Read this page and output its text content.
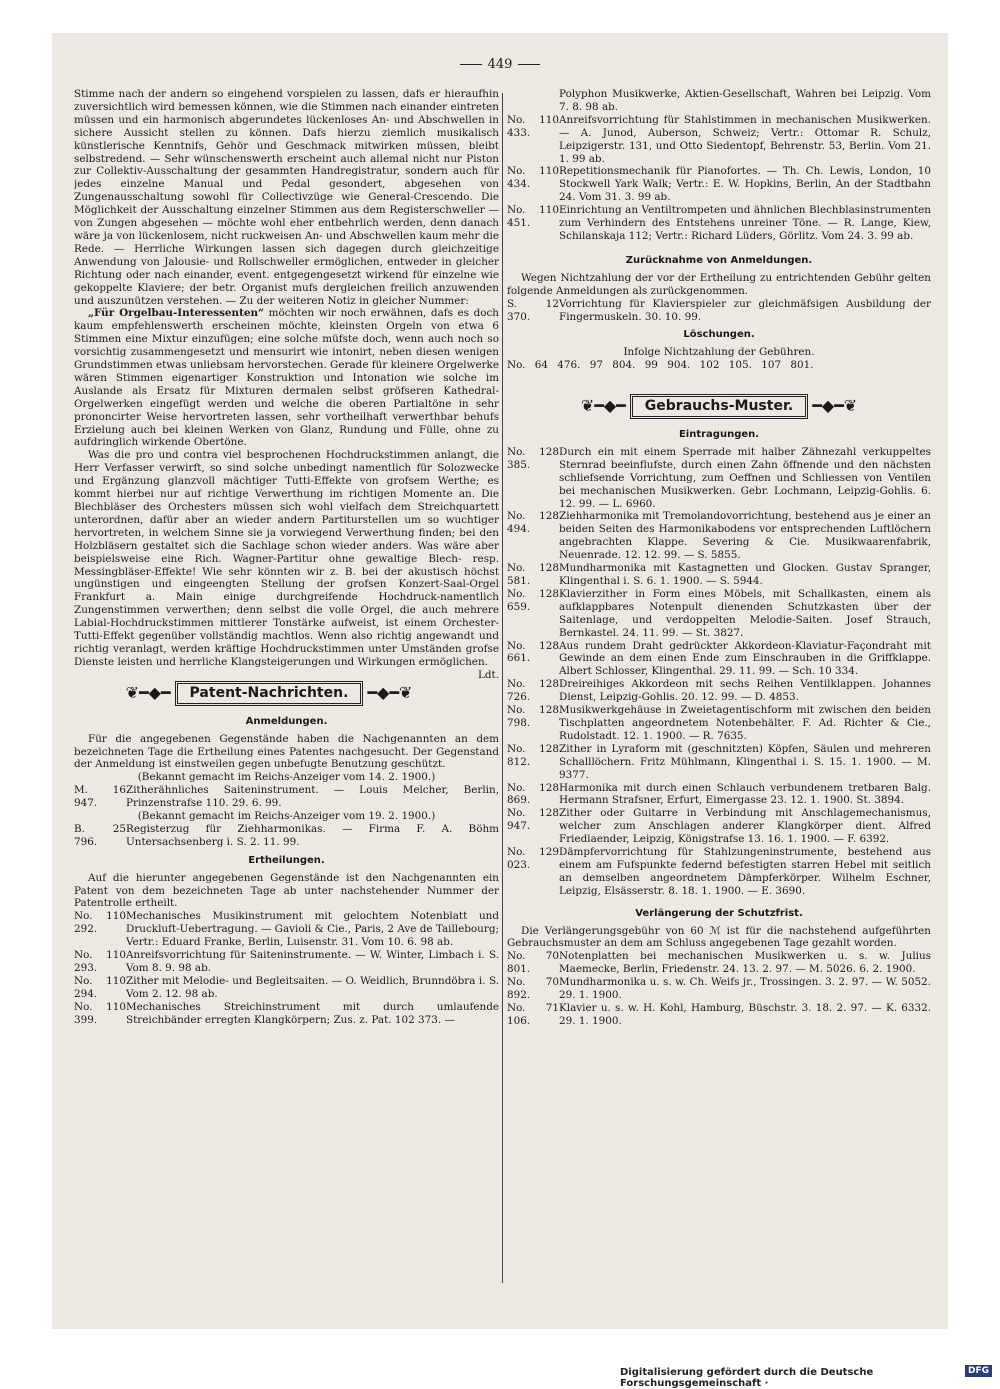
449

Stimme nach der andern so eingehend vorspielen zu lassen, dafs er hieraufhin zuversichtlich wird bemessen können, wie die Stimmen nach einander eintreten müssen und ein harmonisch abgerundetes lückenloses An- und Abschwellen in sichere Aussicht stellen zu können. Dafs hierzu ziemlich musikalisch künstlerische Kenntnifs, Gehör und Geschmack mitwirken müssen, bleibt selbstredend. — Sehr wünschenswerth erscheint auch allemal nicht nur Piston zur Collektiv-Ausschaltung der gesammten Handregistratur, sondern auch für jedes einzelne Manual und Pedal gesondert, abgesehen von Zungenausschaltung sowohl für Collectivzüge wie General-Crescendo. Die Möglichkeit der Ausschaltung einzelner Stimmen aus dem Registerschweller — von Zungen abgesehen — möchte wohl eher entbehrlich werden, denn danach wäre ja von lückenlosem, nicht ruckweisen An- und Abschwellen kaum mehr die Rede. — Herrliche Wirkungen lassen sich dagegen durch gleichzeitige Anwendung von Jalousie- und Rollschweller ermöglichen, entweder in gleicher Richtung oder nach einander, event. entgegengesetzt wirkend für einzelne wie gekoppelte Klaviere; der betr. Organist mufs dergleichen freilich anzuwenden und auszunützen verstehen. — Zu der weiteren Notiz in gleicher Nummer:

„Für Orgelbau-Interessenten“ möchten wir noch erwähnen, dafs es doch kaum empfehlenswerth erscheinen möchte, kleinsten Orgeln von etwa 6 Stimmen eine Mixtur einzufügen; eine solche müfste doch, wenn auch noch so vorsichtig zusammengesetzt und mensurirt wie intonirt, neben diesen wenigen Grundstimmen etwas unliebsam hervorstechen. Gerade für kleinere Orgelwerke wären Stimmen eigenartiger Konstruktion und Intonation wie solche im Auslande als Ersatz für Mixturen dermalen selbst gröfseren Kathedral-Orgelwerken eingefügt werden und welche die oberen Partialtöne in sehr prononcirter Weise hervortreten lassen, sehr vortheilhaft verwerthbar behufs Erzielung auch bei kleinen Werken von Glanz, Rundung und Fülle, ohne zu aufdringlich wirkende Obertöne.

Was die pro und contra viel besprochenen Hochdruckstimmen anlangt, die Herr Verfasser verwirft, so sind solche unbedingt namentlich für Solozwecke und Ergänzung glanzvoll mächtiger Tutti-Effekte von grofsem Werthe; es kommt hierbei nur auf richtige Verwerthung im richtigen Momente an. Die Blechbläser des Orchesters müssen sich wohl vielfach dem Streichquartett unterordnen, dafür aber an wieder andern Partiturstellen um so wuchtiger hervortreten, in welchem Sinne sie ja vorwiegend Verwerthung finden; bei den Holzbläsern gestaltet sich die Sachlage schon wieder anders. Was wäre aber beispielsweise eine Rich. Wagner-Partitur ohne gewaltige Blech- resp. Messingbläser-Effekte! Wie sehr könnten wir z. B. bei der akustisch höchst ungünstigen und eingeengten Stellung der grofsen Konzert-Saal-Orgel Frankfurt a. Main einige durchgreifende Hochdruck-namentlich Zungenstimmen verwerthen; denn selbst die volle Orgel, die auch mehrere Labial-Hochdruckstimmen mittlerer Tonstärke aufweist, ist einem Orchester-Tutti-Effekt gegenüber vollständig machtlos. Wenn also richtig angewandt und richtig veranlagt, werden kräftige Hochdruckstimmen unter Umständen grofse Dienste leisten und herrliche Klangsteigerungen und Wirkungen ermöglichen.
Ldt.

❦━◆━	Patent-Nachrichten.	━◆━❦
Anmeldungen.

Für die angegebenen Gegenstände haben die Nachgenannten an dem bezeichneten Tage die Ertheilung eines Patentes nachgesucht. Der Gegenstand der Anmeldung ist einstweilen gegen unbefugte Benutzung geschützt.

(Bekannt gemacht im Reichs-Anzeiger vom 14. 2. 1900.)
M. 16 947.
Zitherähnliches Saiteninstrument. — Louis Melcher, Berlin, Prinzenstrafse 110. 29. 6. 99.
(Bekannt gemacht im Reichs-Anzeiger vom 19. 2. 1900.)
B. 25 796.
Registerzug für Ziehharmonikas. — Firma F. A. Böhm Untersachsenberg i. S. 2. 11. 99.
Ertheilungen.

Auf die hierunter angegebenen Gegenstände ist den Nachgenannten ein Patent von dem bezeichneten Tage ab unter nachstehender Nummer der Patentrolle ertheilt.

No. 110 292.
Mechanisches Musikinstrument mit gelochtem Notenblatt und Druckluft-Uebertragung. — Gavioli & Cie., Paris, 2 Ave de Taillebourg; Vertr.: Eduard Franke, Berlin, Luisenstr. 31. Vom 10. 6. 98 ab.
No. 110 293.
Anreifsvorrichtung für Saiteninstrumente. — W. Winter, Limbach i. S. Vom 8. 9. 98 ab.
No. 110 294.
Zither mit Melodie- und Begleitsaiten. — O. Weidlich, Brunndöbra i. S. Vom 2. 12. 98 ab.
No. 110 399.
Mechanisches Streichinstrument mit durch umlaufende Streichbänder erregten Klangkörpern; Zus. z. Pat. 102 373. —

Polyphon Musikwerke, Aktien-Gesellschaft, Wahren bei Leipzig. Vom 7. 8. 98 ab.

No. 110 433.
Anreifsvorrichtung für Stahlstimmen in mechanischen Musikwerken. — A. Junod, Auberson, Schweiz; Vertr.: Ottomar R. Schulz, Leipzigerstr. 131, und Otto Siedentopf, Behrenstr. 53, Berlin. Vom 21. 1. 99 ab.
No. 110 434.
Repetitionsmechanik für Pianofortes. — Th. Ch. Lewis, London, 10 Stockwell Yark Walk; Vertr.: E. W. Hopkins, Berlin, An der Stadtbahn 24. Vom 31. 3. 99 ab.
No. 110 451.
Einrichtung an Ventiltrompeten und ähnlichen Blechblasinstrumenten zum Verhindern des Entstehens unreiner Töne. — R. Lange, Kiew, Schilanskaja 112; Vertr.: Richard Lüders, Görlitz. Vom 24. 3. 99 ab.
Zurücknahme von Anmeldungen.

Wegen Nichtzahlung der vor der Ertheilung zu entrichtenden Gebühr gelten folgende Anmeldungen als zurückgenommen.

S. 12 370.
Vorrichtung für Klavierspieler zur gleichmäfsigen Ausbildung der Fingermuskeln. 30. 10. 99.
Löschungen.
Infolge Nichtzahlung der Gebühren.
No. 64 476. 97 804. 99 904. 102 105. 107 801.
❦━◆━	Gebrauchs-Muster.	━◆━❦
Eintragungen.
No. 128 385.
Durch ein mit einem Sperrade mit halber Zähnezahl verkuppeltes Sternrad beeinflufste, durch einen Zahn öffnende und den nächsten schliefsende Vorrichtung, zum Oeffnen und Schliessen von Ventilen bei mechanischen Musikwerken. Gebr. Lochmann, Leipzig-Gohlis. 6. 12. 99. — L. 6960.
No. 128 494.
Ziehharmonika mit Tremolandovorrichtung, bestehend aus je einer an beiden Seiten des Harmonikabodens vor entsprechenden Luftlöchern angebrachten Klappe. Severing & Cie. Musikwaarenfabrik, Neuenrade. 12. 12. 99. — S. 5855.
No. 128 581.
Mundharmonika mit Kastagnetten und Glocken. Gustav Spranger, Klingenthal i. S. 6. 1. 1900. — S. 5944.
No. 128 659.
Klavierzither in Form eines Möbels, mit Schallkasten, einem als aufklappbares Notenpult dienenden Schutzkasten über der Saitenlage, und verdoppelten Melodie-Saiten. Josef Strauch, Bernkastel. 24. 11. 99. — St. 3827.
No. 128 661.
Aus rundem Draht gedrückter Akkordeon-Klaviatur-Façondraht mit Gewinde an dem einen Ende zum Einschrauben in die Griffklappe. Albert Schlosser, Klingenthal. 29. 11. 99. — Sch. 10 334.
No. 128 726.
Dreireihiges Akkordeon mit sechs Reihen Ventilklappen. Johannes Dienst, Leipzig-Gohlis. 20. 12. 99. — D. 4853.
No. 128 798.
Musikwerkgehäuse in Zweietagentischform mit zwischen den beiden Tischplatten angeordnetem Notenbehälter. F. Ad. Richter & Cie., Rudolstadt. 12. 1. 1900. — R. 7635.
No. 128 812.
Zither in Lyraform mit (geschnitzten) Köpfen, Säulen und mehreren Schalllöchern. Fritz Mühlmann, Klingenthal i. S. 15. 1. 1900. — M. 9377.
No. 128 869.
Harmonika mit durch einen Schlauch verbundenem tretbaren Balg. Hermann Strafsner, Erfurt, Eimergasse 23. 12. 1. 1900. St. 3894.
No. 128 947.
Zither oder Guitarre in Verbindung mit Anschlagemechanismus, welcher zum Anschlagen anderer Klangkörper dient. Alfred Friedlaender, Leipzig, Königstrafse 13. 16. 1. 1900. — F. 6392.
No. 129 023.
Dämpfervorrichtung für Stahlzungeninstrumente, bestehend aus einem am Fufspunkte federnd befestigten starren Hebel mit seitlich an demselben angeordnetem Dämpferkörper. Wilhelm Eschner, Leipzig, Elsässerstr. 8. 18. 1. 1900. — E. 3690.
Verlängerung der Schutzfrist.

Die Verlängerungsgebühr von 60 ℳ ist für die nachstehend aufgeführten Gebrauchsmuster an dem am Schluss angegebenen Tage gezahlt worden.

No. 70 801.
Notenplatten bei mechanischen Musikwerken u. s. w. Julius Maemecke, Berlin, Friedenstr. 24. 13. 2. 97. — M. 5026. 6. 2. 1900.
No. 70 892.
Mundharmonika u. s. w. Ch. Weifs jr., Trossingen. 3. 2. 97. — W. 5052. 29. 1. 1900.
No. 71 106.
Klavier u. s. w. H. Kohl, Hamburg, Büschstr. 3. 18. 2. 97. — K. 6332. 29. 1. 1900.
Digitalisierung gefördert durch die Deutsche Forschungsgemeinschaft ·
DFG
